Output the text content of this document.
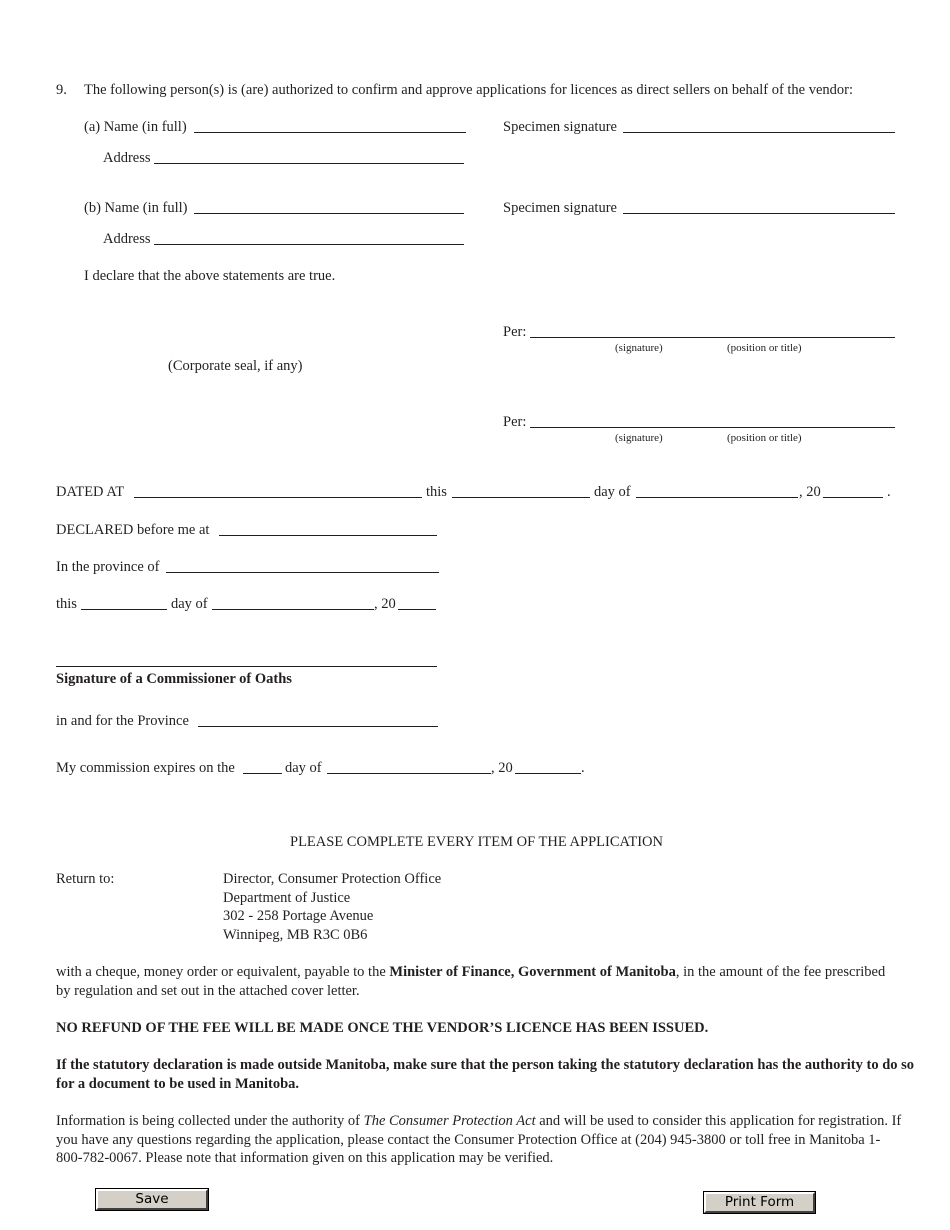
9. The following person(s) is (are) authorized to confirm and approve applications for licences as direct sellers on behalf of the vendor:
(a) Name (in full)	Specimen signature
Address
(b) Name (in full)	Specimen signature
Address
I declare that the above statements are true.
Per:
(signature)	(position or title)
(Corporate seal, if any)
Per:
(signature)	(position or title)
DATED AT	this	day of	, 20	.
DECLARED before me at
In the province of
this	day of	, 20
Signature of a Commissioner of Oaths
in and for the Province
My commission expires on the	day of	, 20	.
PLEASE COMPLETE EVERY ITEM OF THE APPLICATION
Return to:	Director, Consumer Protection Office
Department of Justice
302 - 258 Portage Avenue
Winnipeg, MB R3C 0B6
with a cheque, money order or equivalent, payable to the Minister of Finance, Government of Manitoba, in the amount of the fee prescribed by regulation and set out in the attached cover letter.
NO REFUND OF THE FEE WILL BE MADE ONCE THE VENDOR’S LICENCE HAS BEEN ISSUED.
If the statutory declaration is made outside Manitoba, make sure that the person taking the statutory declaration has the authority to do so for a document to be used in Manitoba.
Information is being collected under the authority of The Consumer Protection Act and will be used to consider this application for registration. If you have any questions regarding the application, please contact the Consumer Protection Office at (204) 945-3800 or toll free in Manitoba 1-800-782-0067. Please note that information given on this application may be verified.
Save	Print Form
